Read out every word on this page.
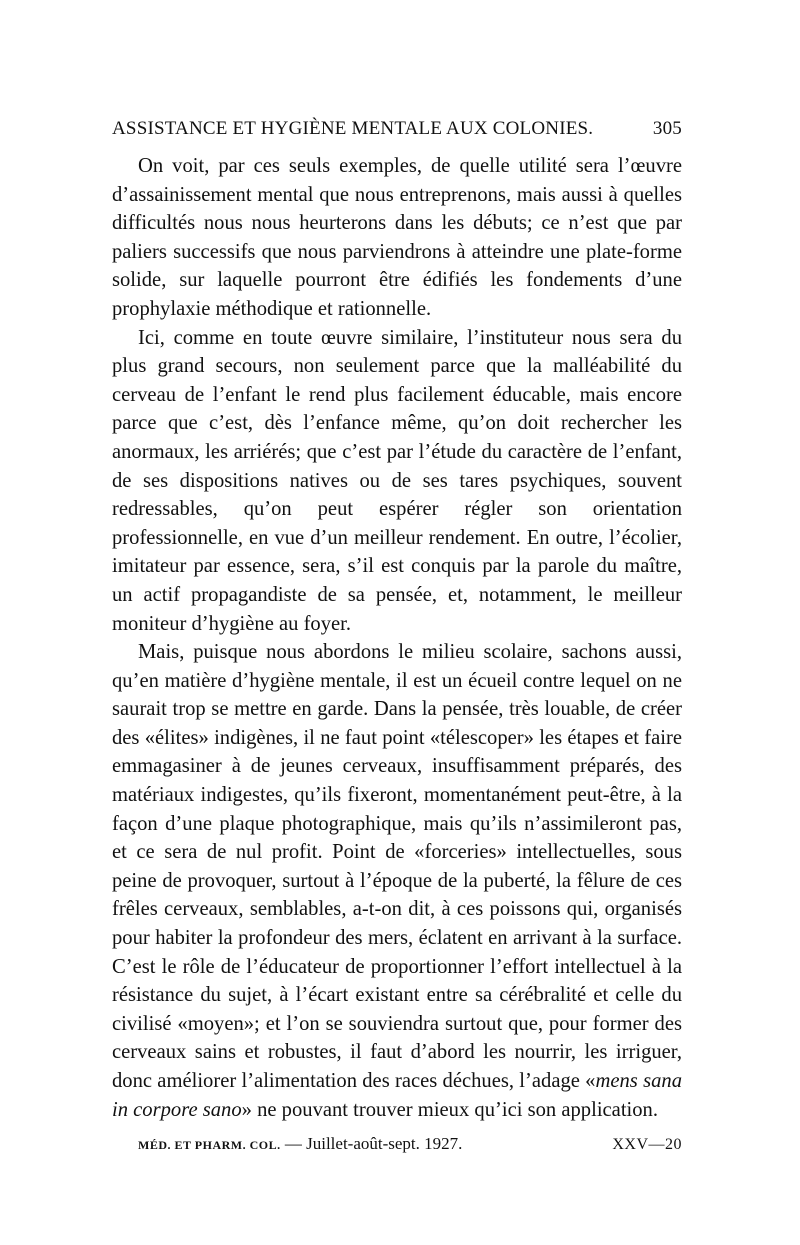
ASSISTANCE ET HYGIÈNE MENTALE AUX COLONIES.	305

On voit, par ces seuls exemples, de quelle utilité sera l’œuvre d’assainissement mental que nous entreprenons, mais aussi à quelles difficultés nous nous heurterons dans les débuts; ce n’est que par paliers successifs que nous parviendrons à atteindre une plate-forme solide, sur laquelle pourront être édifiés les fondements d’une prophylaxie méthodique et rationnelle.

Ici, comme en toute œuvre similaire, l’instituteur nous sera du plus grand secours, non seulement parce que la malléabilité du cerveau de l’enfant le rend plus facilement éducable, mais encore parce que c’est, dès l’enfance même, qu’on doit rechercher les anormaux, les arriérés; que c’est par l’étude du caractère de l’enfant, de ses dispositions natives ou de ses tares psychiques, souvent redressables, qu’on peut espérer régler son orientation professionnelle, en vue d’un meilleur rendement. En outre, l’écolier, imitateur par essence, sera, s’il est conquis par la parole du maître, un actif propagandiste de sa pensée, et, notamment, le meilleur moniteur d’hygiène au foyer.

Mais, puisque nous abordons le milieu scolaire, sachons aussi, qu’en matière d’hygiène mentale, il est un écueil contre lequel on ne saurait trop se mettre en garde. Dans la pensée, très louable, de créer des «élites» indigènes, il ne faut point «télescoper» les étapes et faire emmagasiner à de jeunes cerveaux, insuffisamment préparés, des matériaux indigestes, qu’ils fixeront, momentanément peut-être, à la façon d’une plaque photographique, mais qu’ils n’assimileront pas, et ce sera de nul profit. Point de «forceries» intellectuelles, sous peine de provoquer, surtout à l’époque de la puberté, la fêlure de ces frêles cerveaux, semblables, a-t-on dit, à ces poissons qui, organisés pour habiter la profondeur des mers, éclatent en arrivant à la surface. C’est le rôle de l’éducateur de proportionner l’effort intellectuel à la résistance du sujet, à l’écart existant entre sa cérébralité et celle du civilisé «moyen»; et l’on se souviendra surtout que, pour former des cerveaux sains et robustes, il faut d’abord les nourrir, les irriguer, donc améliorer l’alimentation des races déchues, l’adage «mens sana in corpore sano» ne pouvant trouver mieux qu’ici son application.

MÉD. ET PHARM. COL. — Juillet-août-sept. 1927.	XXV—20
